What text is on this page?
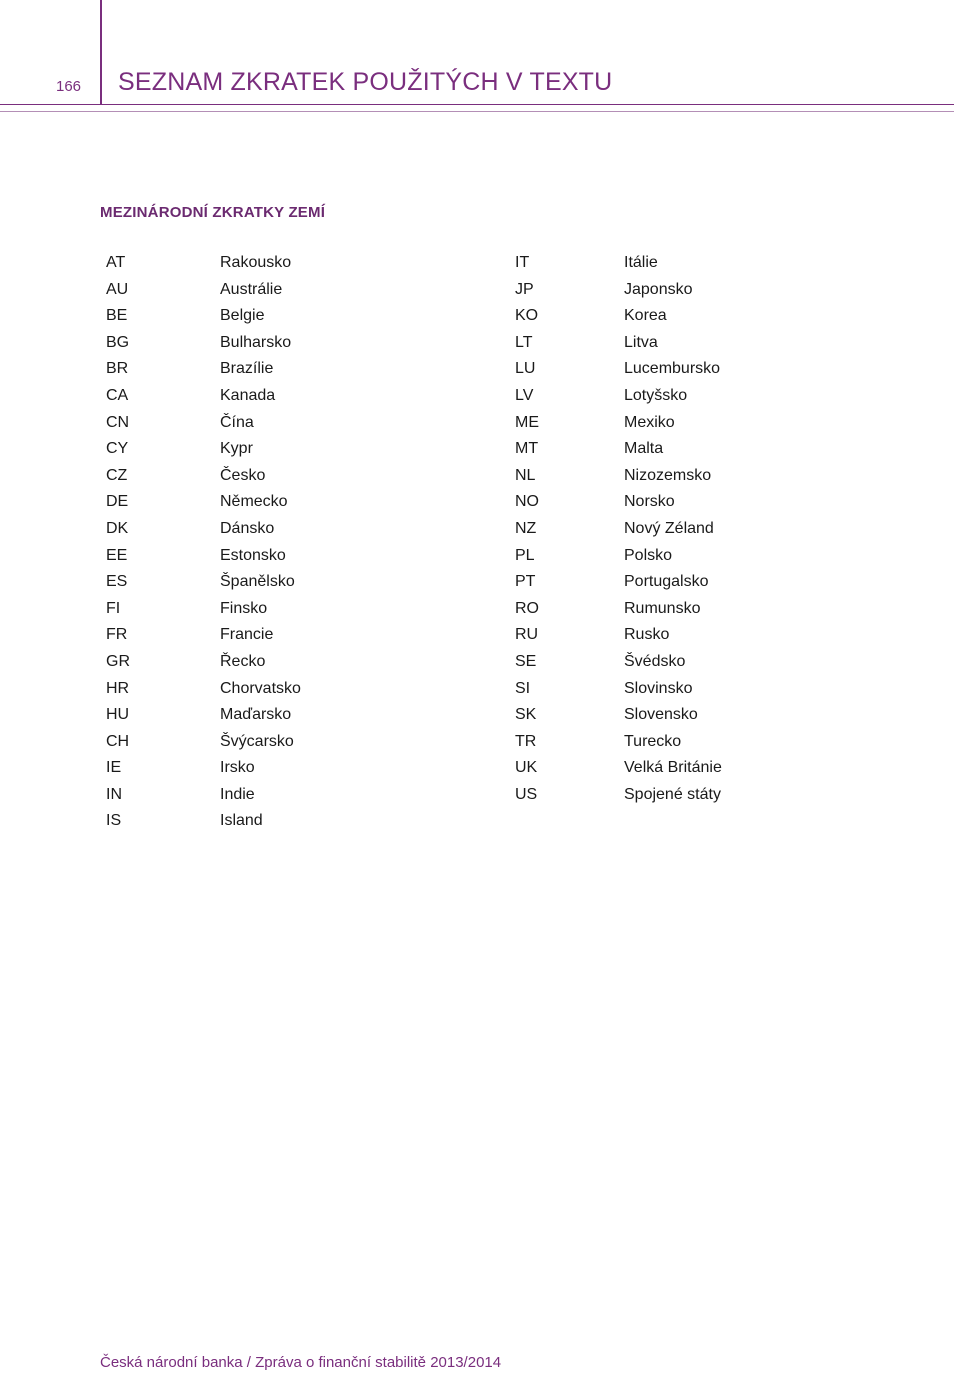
166 SEZNAM ZKRATEK POUŽITÝCH V TEXTU
MEZINÁRODNÍ ZKRATKY ZEMÍ
AT	Rakousko
AU	Austrálie
BE	Belgie
BG	Bulharsko
BR	Brazílie
CA	Kanada
CN	Čína
CY	Kypr
CZ	Česko
DE	Německo
DK	Dánsko
EE	Estonsko
ES	Španělsko
FI	Finsko
FR	Francie
GR	Řecko
HR	Chorvatsko
HU	Maďarsko
CH	Švýcarsko
IE	Irsko
IN	Indie
IS	Island
IT	Itálie
JP	Japonsko
KO	Korea
LT	Litva
LU	Lucembursko
LV	Lotyšsko
ME	Mexiko
MT	Malta
NL	Nizozemsko
NO	Norsko
NZ	Nový Zéland
PL	Polsko
PT	Portugalsko
RO	Rumunsko
RU	Rusko
SE	Švédsko
SI	Slovinsko
SK	Slovensko
TR	Turecko
UK	Velká Británie
US	Spojené státy
Česká národní banka / Zpráva o finanční stabilitě 2013/2014
